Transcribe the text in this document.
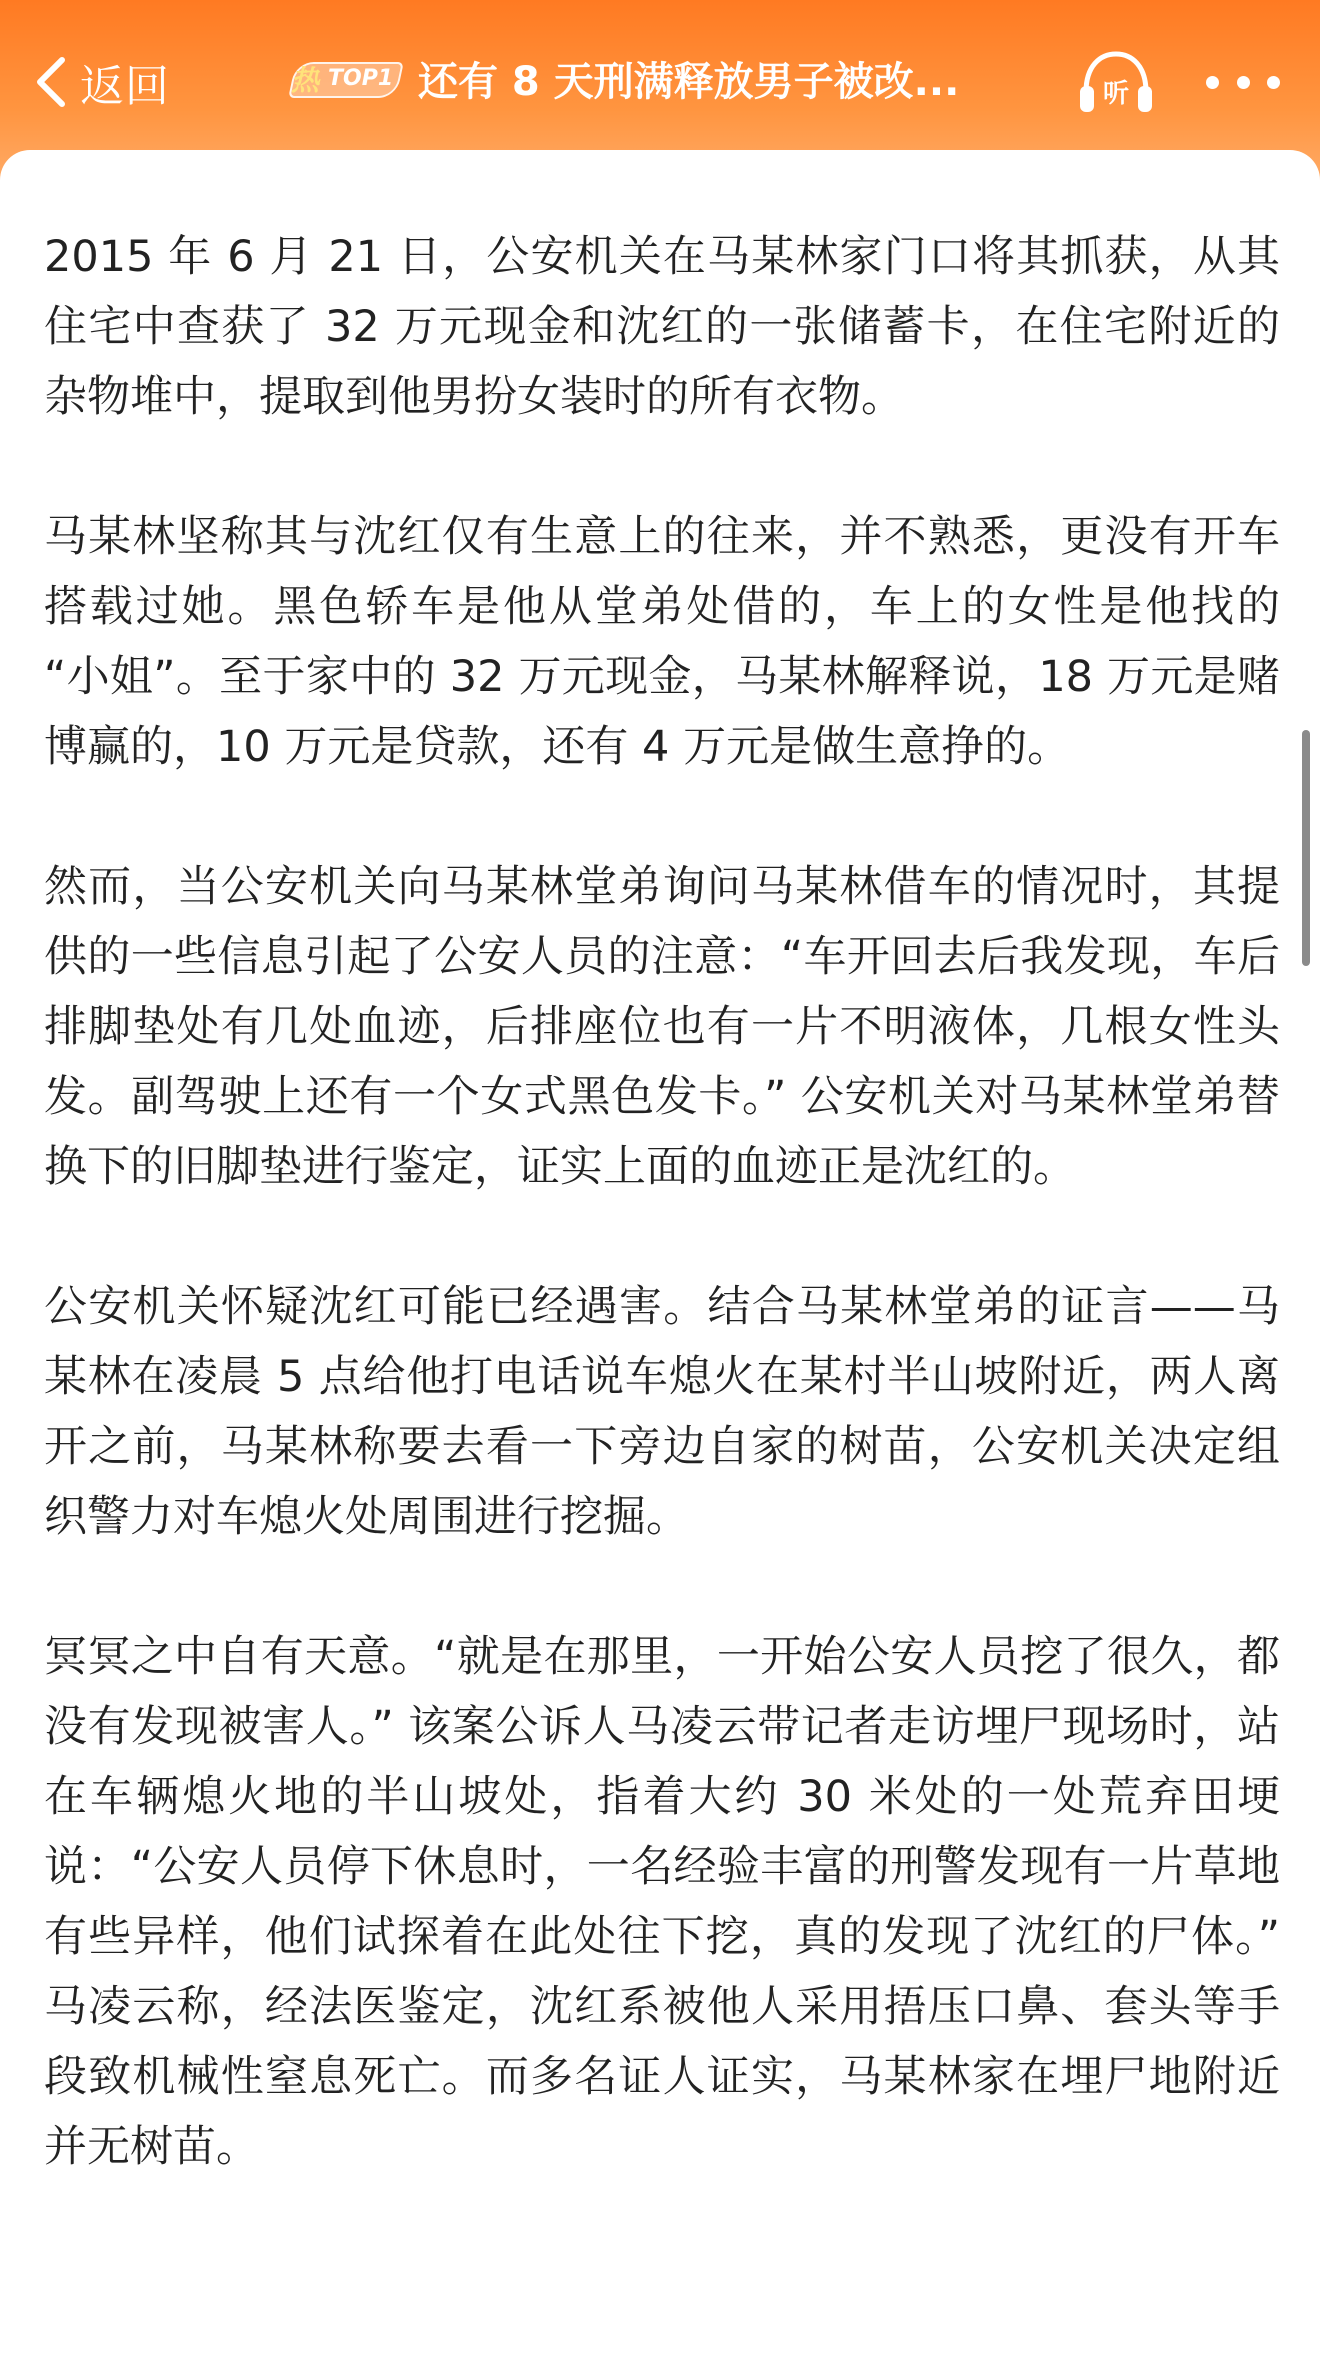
返回	热 TOP1 还有 8 天刑满释放男子被改...	听

2015 年 6 月 21 日，公安机关在马某林家门口将其抓获，从其住宅中查获了 32 万元现金和沈红的一张储蓄卡，在住宅附近的杂物堆中，提取到他男扮女装时的所有衣物。

马某林坚称其与沈红仅有生意上的往来，并不熟悉，更没有开车搭载过她。黑色轿车是他从堂弟处借的，车上的女性是他找的 “小姐”。至于家中的 32 万元现金，马某林解释说，18 万元是赌博赢的，10 万元是贷款，还有 4 万元是做生意挣的。

然而，当公安机关向马某林堂弟询问马某林借车的情况时，其提供的一些信息引起了公安人员的注意：“车开回去后我发现，车后排脚垫处有几处血迹，后排座位也有一片不明液体，几根女性头发。副驾驶上还有一个女式黑色发卡。” 公安机关对马某林堂弟替换下的旧脚垫进行鉴定，证实上面的血迹正是沈红的。

公安机关怀疑沈红可能已经遇害。结合马某林堂弟的证言——马某林在凌晨 5 点给他打电话说车熄火在某村半山坡附近，两人离开之前，马某林称要去看一下旁边自家的树苗，公安机关决定组织警力对车熄火处周围进行挖掘。

冥冥之中自有天意。“就是在那里，一开始公安人员挖了很久，都没有发现被害人。” 该案公诉人马凌云带记者走访埋尸现场时，站在车辆熄火地的半山坡处，指着大约 30 米处的一处荒弃田埂说：“公安人员停下休息时，一名经验丰富的刑警发现有一片草地有些异样，他们试探着在此处往下挖，真的发现了沈红的尸体。” 马凌云称，经法医鉴定，沈红系被他人采用捂压口鼻、套头等手段致机械性窒息死亡。而多名证人证实，马某林家在埋尸地附近并无树苗。
